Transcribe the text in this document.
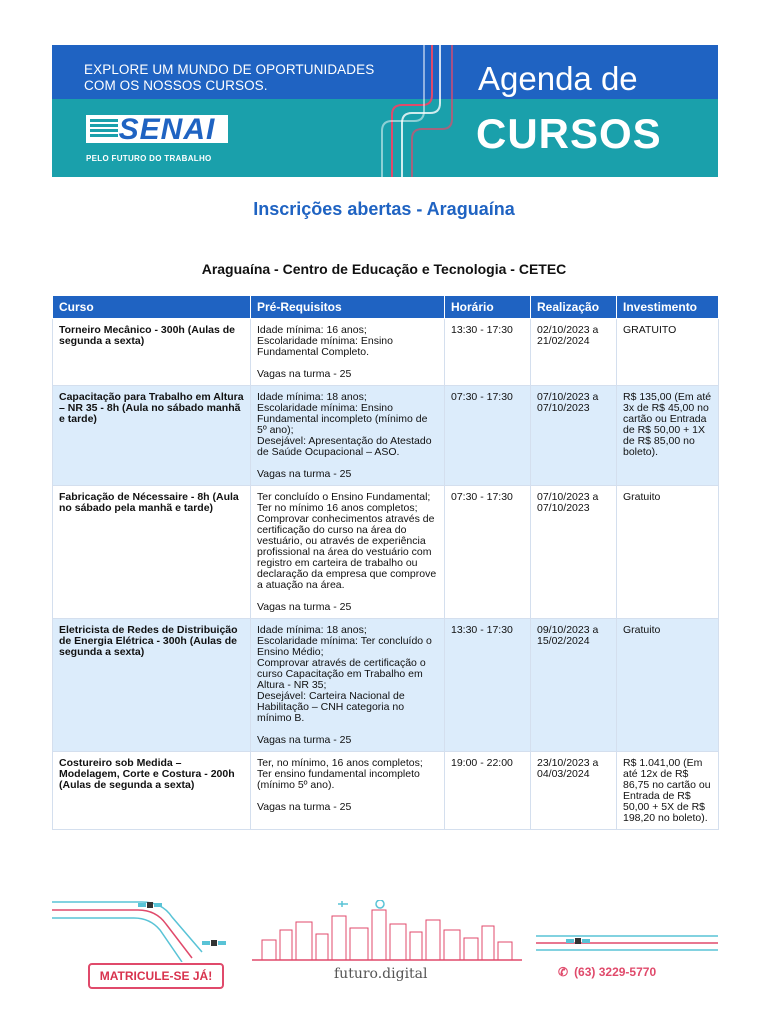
EXPLORE UM MUNDO DE OPORTUNIDADES
COM OS NOSSOS CURSOS.
SENAI
PELO FUTURO DO TRABALHO
Agenda de
CURSOS
Inscrições abertas - Araguaína
Araguaína - Centro de Educação e Tecnologia - CETEC
Curso	Pré-Requisitos	Horário	Realização	Investimento
Torneiro Mecânico - 300h (Aulas de segunda a sexta)	Idade mínima: 16 anos;
Escolaridade mínima: Ensino Fundamental Completo.
Vagas na turma - 25	13:30 - 17:30	02/10/2023 a 21/02/2024	GRATUITO
Capacitação para Trabalho em Altura – NR 35 - 8h (Aula no sábado manhã e tarde)	Idade mínima: 18 anos;
Escolaridade mínima: Ensino Fundamental incompleto (mínimo de 5º ano);
Desejável: Apresentação do Atestado de Saúde Ocupacional – ASO.
Vagas na turma - 25	07:30 - 17:30	07/10/2023 a 07/10/2023	R$ 135,00 (Em até 3x de R$ 45,00 no cartão ou Entrada de R$ 50,00 + 1X de R$ 85,00 no boleto).
Fabricação de Nécessaire - 8h (Aula no sábado pela manhã e tarde)	Ter concluído o Ensino Fundamental; Ter no mínimo 16 anos completos; Comprovar conhecimentos através de certificação do curso na área do vestuário, ou através de experiência profissional na área do vestuário com registro em carteira de trabalho ou declaração da empresa que comprove a atuação na área.
Vagas na turma - 25	07:30 - 17:30	07/10/2023 a 07/10/2023	Gratuito
Eletricista de Redes de Distribuição de Energia Elétrica - 300h (Aulas de segunda a sexta)	Idade mínima: 18 anos;
Escolaridade mínima: Ter concluído o Ensino Médio;
Comprovar através de certificação o curso Capacitação em Trabalho em Altura - NR 35;
Desejável: Carteira Nacional de Habilitação – CNH categoria no mínimo B.
Vagas na turma - 25	13:30 - 17:30	09/10/2023 a 15/02/2024	Gratuito
Costureiro sob Medida – Modelagem, Corte e Costura - 200h (Aulas de segunda a sexta)	Ter, no mínimo, 16 anos completos;
Ter ensino fundamental incompleto (mínimo 5º ano).
Vagas na turma - 25	19:00 - 22:00	23/10/2023 a 04/03/2024	R$ 1.041,00 (Em até 12x de R$ 86,75 no cartão ou Entrada de R$ 50,00 + 5X de R$ 198,20 no boleto).
MATRICULE-SE JÁ!	futuro.digital	✆ (63) 3229-5770
